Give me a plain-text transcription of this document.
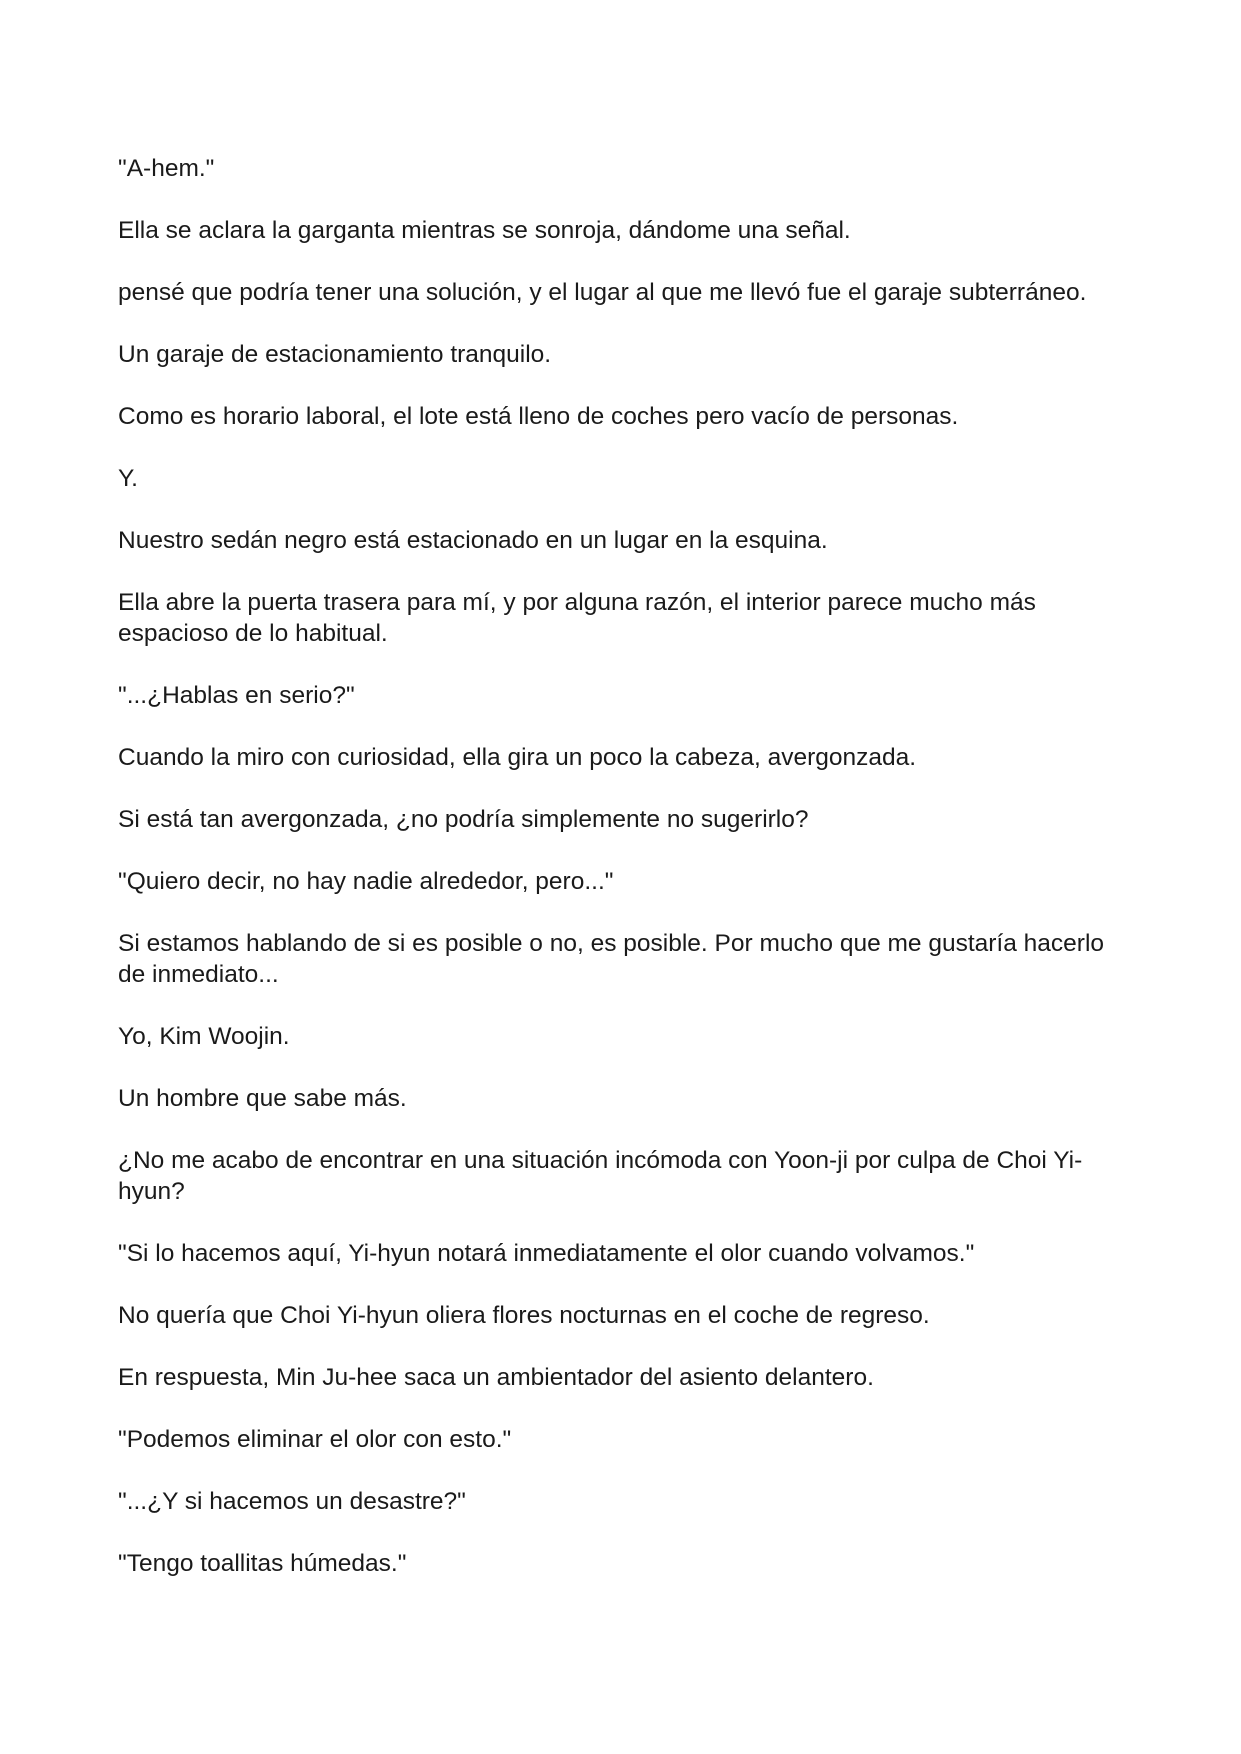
"A-hem."

Ella se aclara la garganta mientras se sonroja, dándome una señal.

pensé que podría tener una solución, y el lugar al que me llevó fue el garaje subterráneo.

Un garaje de estacionamiento tranquilo.

Como es horario laboral, el lote está lleno de coches pero vacío de personas.

Y.

Nuestro sedán negro está estacionado en un lugar en la esquina.

Ella abre la puerta trasera para mí, y por alguna razón, el interior parece mucho más espacioso de lo habitual.

"...¿Hablas en serio?"

Cuando la miro con curiosidad, ella gira un poco la cabeza, avergonzada.

Si está tan avergonzada, ¿no podría simplemente no sugerirlo?

"Quiero decir, no hay nadie alrededor, pero..."

Si estamos hablando de si es posible o no, es posible. Por mucho que me gustaría hacerlo de inmediato...

Yo, Kim Woojin.

Un hombre que sabe más.

¿No me acabo de encontrar en una situación incómoda con Yoon-ji por culpa de Choi Yi-hyun?

"Si lo hacemos aquí, Yi-hyun notará inmediatamente el olor cuando volvamos."

No quería que Choi Yi-hyun oliera flores nocturnas en el coche de regreso.

En respuesta, Min Ju-hee saca un ambientador del asiento delantero.

"Podemos eliminar el olor con esto."

"...¿Y si hacemos un desastre?"

"Tengo toallitas húmedas."
